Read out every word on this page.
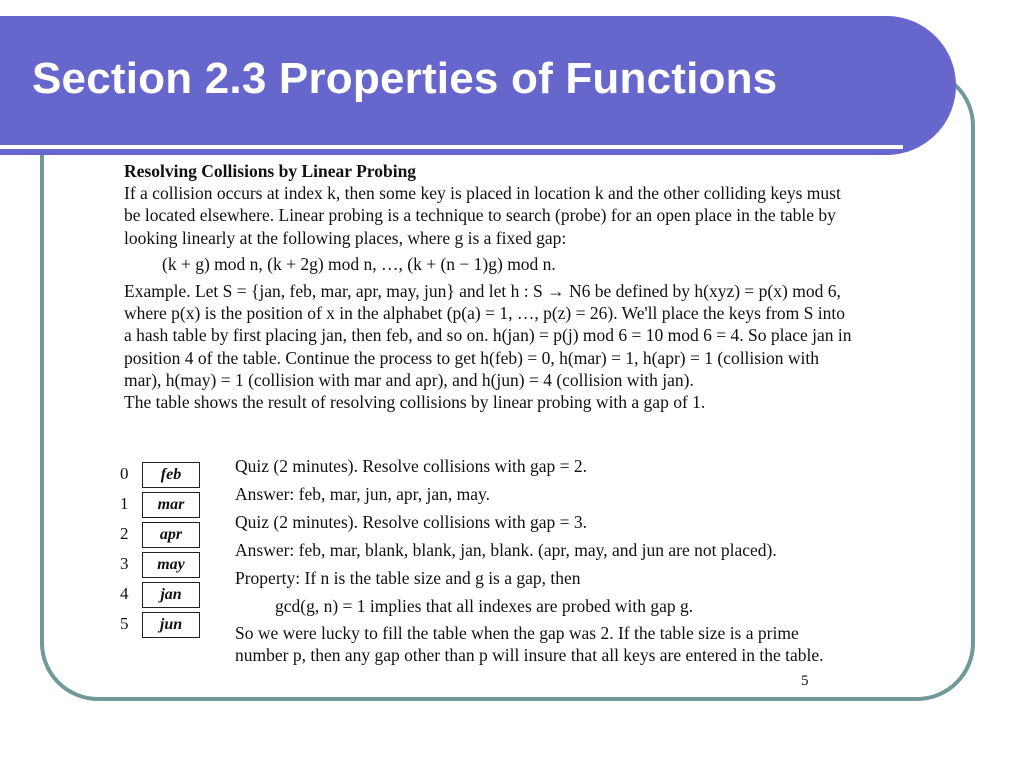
Section 2.3 Properties of Functions

Resolving Collisions by Linear Probing

If a collision occurs at index k, then some key is placed in location k and the other colliding keys must be located elsewhere. Linear probing is a technique to search (probe) for an open place in the table by looking linearly at the following places, where g is a fixed gap:

(k + g) mod n, (k + 2g) mod n, …, (k + (n − 1)g) mod n.

Example. Let S = {jan, feb, mar, apr, may, jun} and let h : S → N6 be defined by h(xyz) = p(x) mod 6, where p(x) is the position of x in the alphabet (p(a) = 1, …, p(z) = 26). We'll place the keys from S into a hash table by first placing jan, then feb, and so on. h(jan) = p(j) mod 6 = 10 mod 6 = 4. So place jan in position 4 of the table. Continue the process to get h(feb) = 0, h(mar) = 1, h(apr) = 1 (collision with mar), h(may) = 1 (collision with mar and apr), and h(jun) = 4 (collision with jan).

The table shows the result of resolving collisions by linear probing with a gap of 1.

0	feb
1	mar
2	apr
3	may
4	jan
5	jun

Quiz (2 minutes). Resolve collisions with gap = 2.

Answer: feb, mar, jun, apr, jan, may.

Quiz (2 minutes). Resolve collisions with gap = 3.

Answer: feb, mar, blank, blank, jan, blank. (apr, may, and jun are not placed).

Property: If n is the table size and g is a gap, then

gcd(g, n) = 1 implies that all indexes are probed with gap g.

So we were lucky to fill the table when the gap was 2. If the table size is a prime number p, then any gap other than p will insure that all keys are entered in the table.

5
